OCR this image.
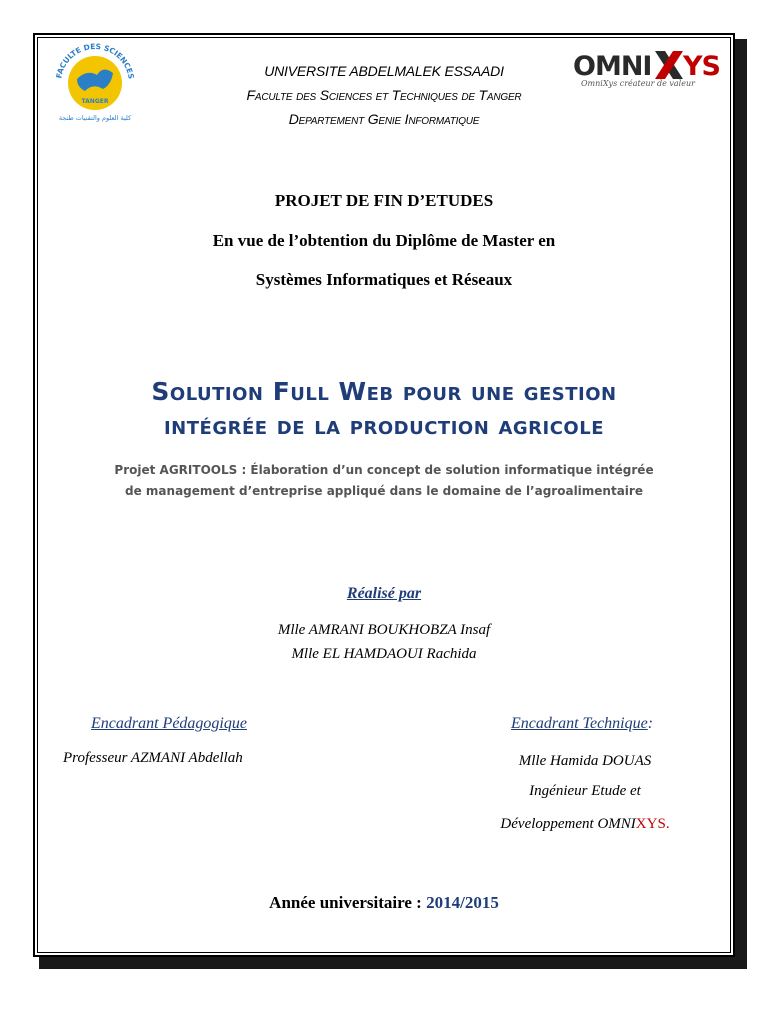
FACULTE DES SCIENCES
TANGER
كلية العلوم والتقنيات طنجة
OMNI YS
OmniXys créateur de valeur
UNIVERSITE ABDELMALEK ESSAADI
Faculte des Sciences et Techniques de Tanger
Departement Genie Informatique
PROJET DE FIN D’ETUDES
En vue de l’obtention du Diplôme de Master en
Systèmes Informatiques et Réseaux
Solution Full Web pour une gestion
intégrée de la production agricole
Projet AGRITOOLS : Élaboration d’un concept de solution informatique intégrée de management d’entreprise appliqué dans le domaine de l’agroalimentaire
Réalisé par
Mlle AMRANI BOUKHOBZA Insaf
Mlle EL HAMDAOUI Rachida
Encadrant Pédagogique
Professeur AZMANI Abdellah
Encadrant Technique:
Mlle Hamida DOUAS
Ingénieur Etude et
Développement OMNIXYS.
Année universitaire : 2014/2015
